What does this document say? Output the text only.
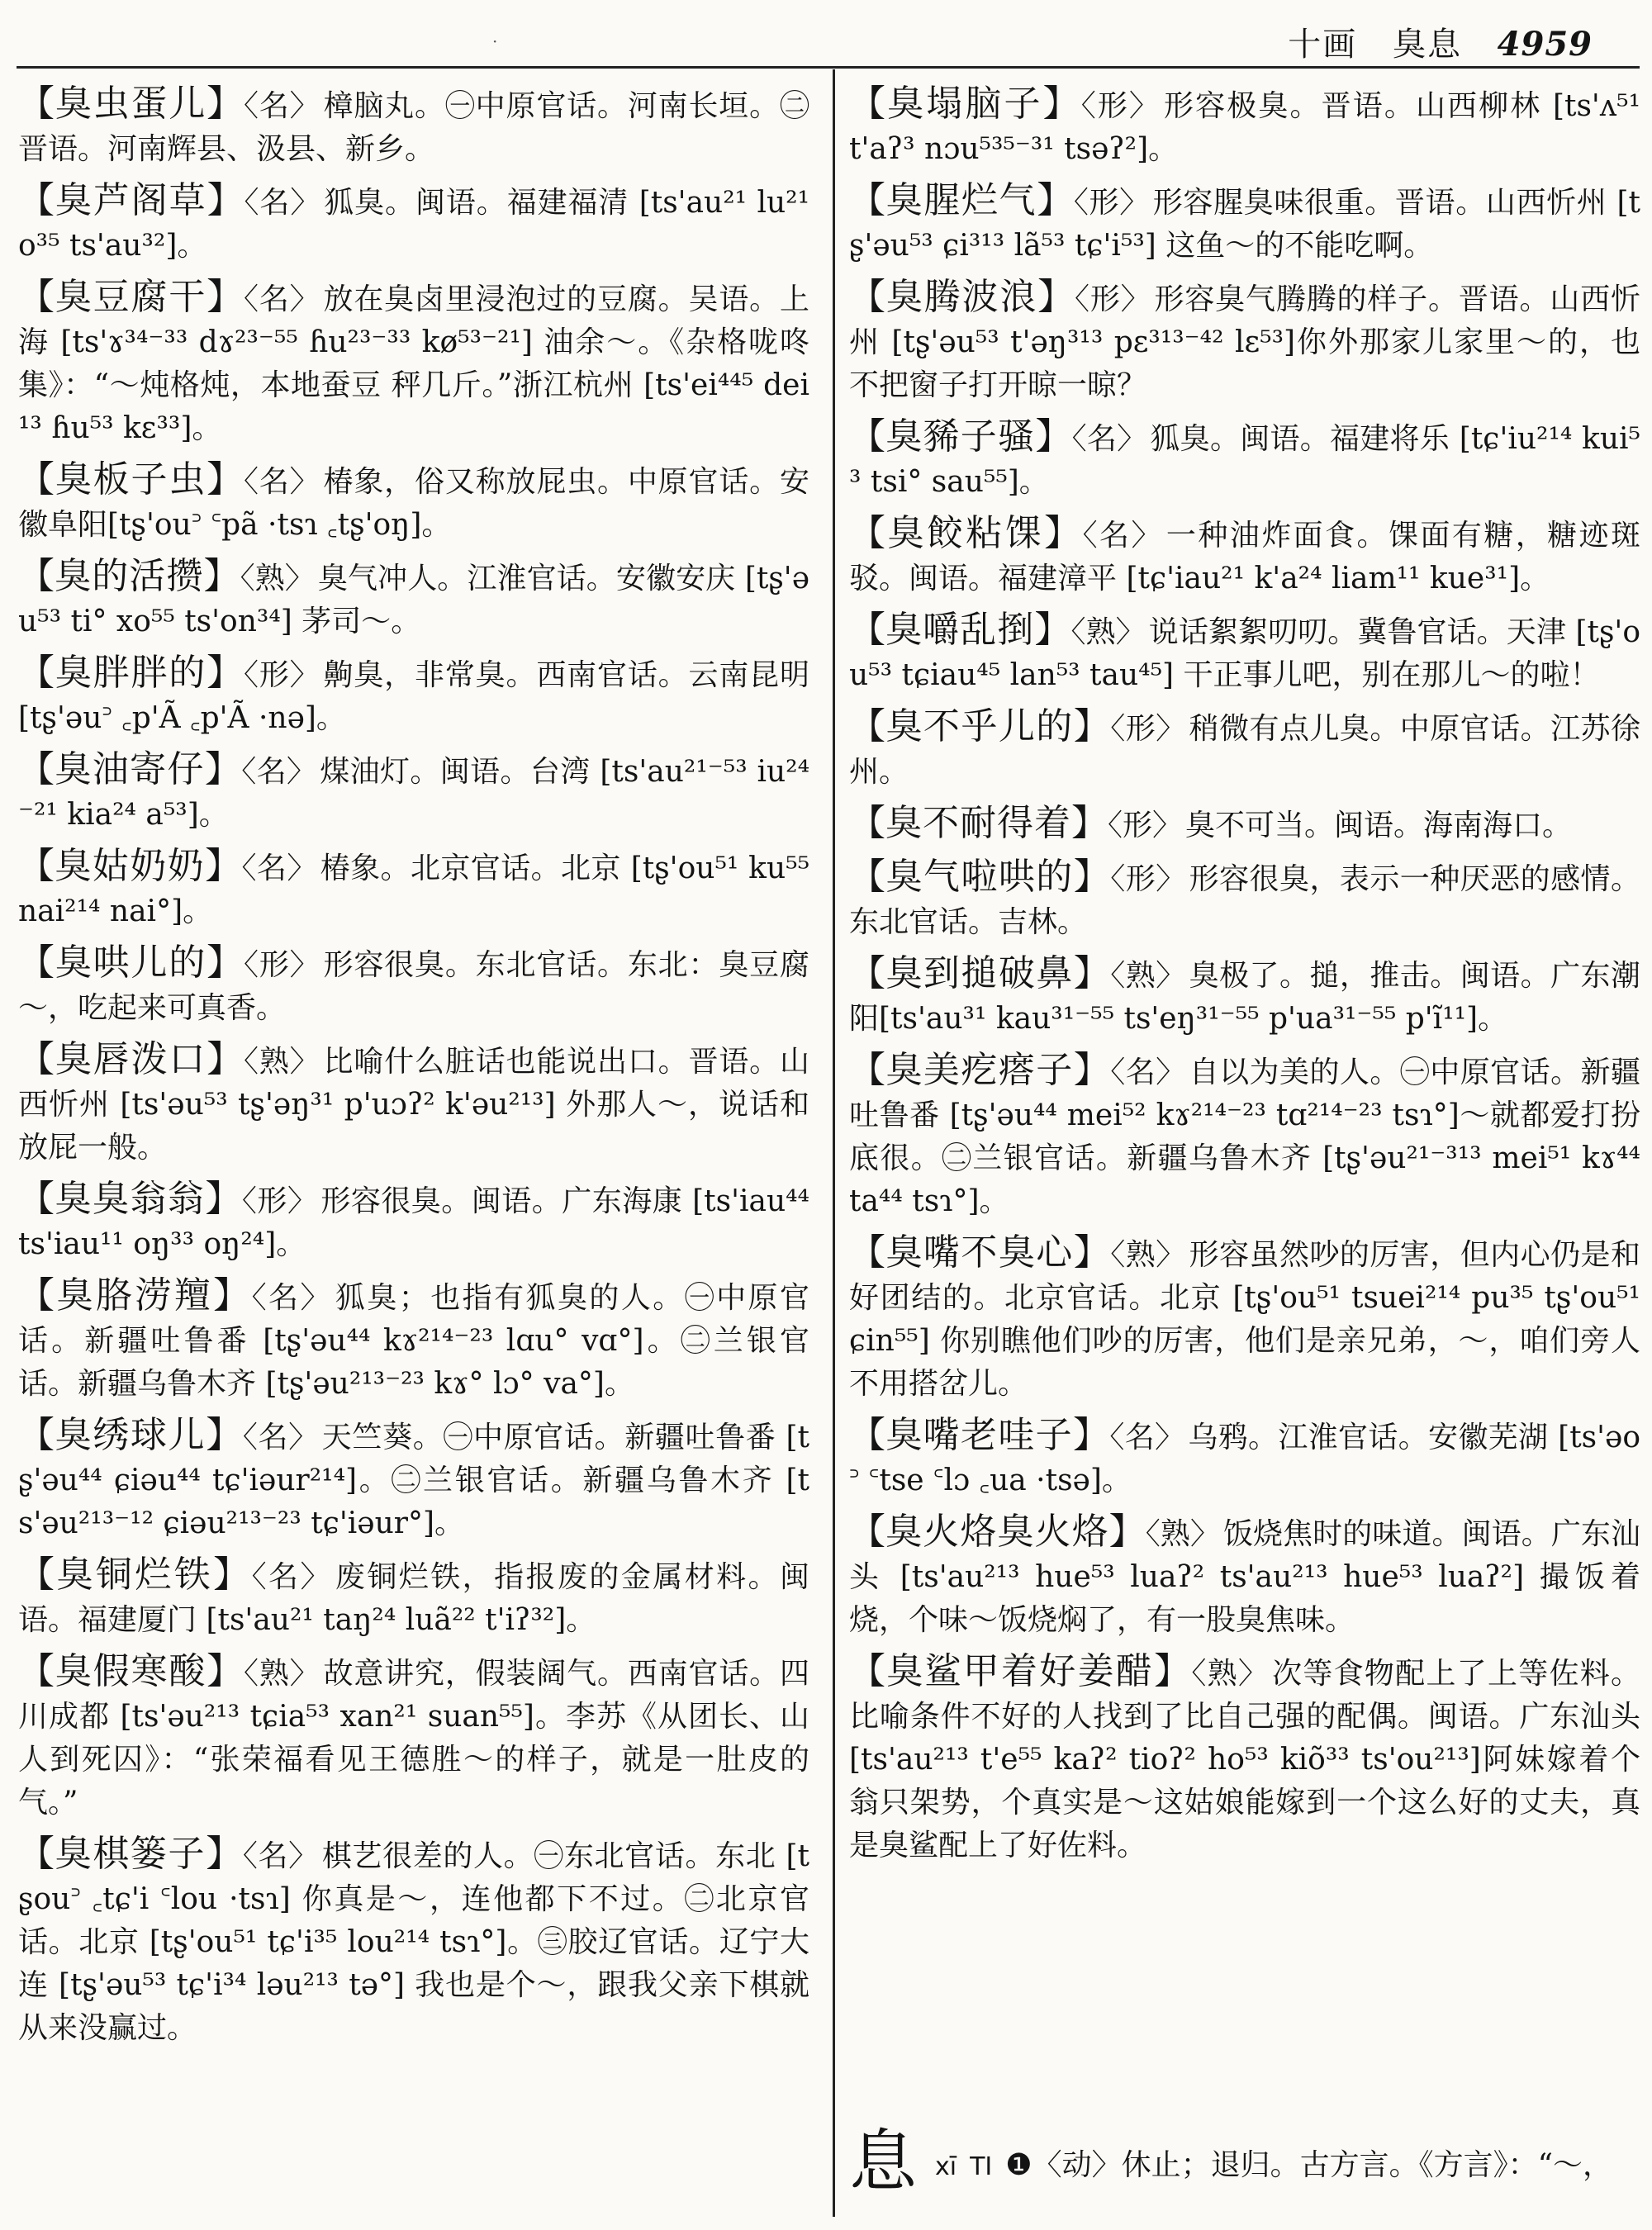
·	十画 臭息 4959

【臭虫蛋儿】〈名〉 樟脑丸。㊀中原官话。河南长垣。㊁晋语。河南辉县、汲县、新乡。

【臭芦阁草】〈名〉 狐臭。闽语。福建福清 [ts'au²¹ lu²¹ o³⁵ ts'au³²]。

【臭豆腐干】〈名〉 放在臭卤里浸泡过的豆腐。吴语。上海 [ts'ɤ³⁴⁻³³ dɤ²³⁻⁵⁵ ɦu²³⁻³³ kø⁵³⁻²¹] 油余～。《杂格咙咚集》：“～炖格炖，本地蚕豆 秤几斤。”浙江杭州 [ts'ei⁴⁴⁵ dei¹³ ɦu⁵³ kɛ³³]。

【臭板子虫】〈名〉 椿象，俗又称放屁虫。中原官话。安徽阜阳[tʂ'ou꜄ ꜂pã ·tsɿ ꜀tʂ'oŋ]。

【臭的活攒】〈熟〉 臭气冲人。江淮官话。安徽安庆 [tʂ'əu⁵³ ti° xo⁵⁵ ts'on³⁴] 茅司～。

【臭胖胖的】〈形〉 齁臭，非常臭。西南官话。云南昆明 [tʂ'əu꜄ ꜀p'Ã ꜀p'Ã ·nə]。

【臭油寄仔】〈名〉 煤油灯。闽语。台湾 [ts'au²¹⁻⁵³ iu²⁴⁻²¹ kia²⁴ a⁵³]。

【臭姑奶奶】〈名〉 椿象。北京官话。北京 [tʂ'ou⁵¹ ku⁵⁵ nai²¹⁴ nai°]。

【臭哄儿的】〈形〉 形容很臭。东北官话。东北：臭豆腐～，吃起来可真香。

【臭唇泼口】〈熟〉 比喻什么脏话也能说出口。晋语。山西忻州 [ts'əu⁵³ tʂ'əŋ³¹ p'uɔʔ² k'əu²¹³] 外那人～，说话和放屁一般。

【臭臭翁翁】〈形〉 形容很臭。闽语。广东海康 [ts'iau⁴⁴ ts'iau¹¹ oŋ³³ oŋ²⁴]。

【臭胳涝羶】〈名〉 狐臭；也指有狐臭的人。㊀中原官话。新疆吐鲁番 [tʂ'əu⁴⁴ kɤ²¹⁴⁻²³ lɑu° vɑ°]。㊁兰银官话。新疆乌鲁木齐 [tʂ'əu²¹³⁻²³ kɤ° lɔ° va°]。

【臭绣球儿】〈名〉 天竺葵。㊀中原官话。新疆吐鲁番 [tʂ'əu⁴⁴ ɕiəu⁴⁴ tɕ'iəur²¹⁴]。㊁兰银官话。新疆乌鲁木齐 [ts'əu²¹³⁻¹² ɕiəu²¹³⁻²³ tɕ'iəur°]。

【臭铜烂铁】〈名〉 废铜烂铁，指报废的金属材料。闽语。福建厦门 [ts'au²¹ taŋ²⁴ luã²² t'iʔ³²]。

【臭假寒酸】〈熟〉 故意讲究，假装阔气。西南官话。四川成都 [ts'əu²¹³ tɕia⁵³ xan²¹ suan⁵⁵]。李苏《从团长、山人到死囚》：“张荣福看见王德胜～的样子，就是一肚皮的气。”

【臭棋篓子】〈名〉 棋艺很差的人。㊀东北官话。东北 [tʂou꜄ ꜀tɕ'i ꜂lou ·tsɿ] 你真是～，连他都下不过。㊁北京官话。北京 [tʂ'ou⁵¹ tɕ'i³⁵ lou²¹⁴ tsɿ°]。㊂胶辽官话。辽宁大连 [tʂ'əu⁵³ tɕ'i³⁴ ləu²¹³ tə°] 我也是个～，跟我父亲下棋就从来没赢过。

【臭塌脑子】〈形〉 形容极臭。晋语。山西柳林 [ts'ʌ⁵¹ t'aʔ³ nɔu⁵³⁵⁻³¹ tsəʔ²]。

【臭腥烂气】〈形〉 形容腥臭味很重。晋语。山西忻州 [tʂ'əu⁵³ ɕi³¹³ lã⁵³ tɕ'i⁵³] 这鱼～的不能吃啊。

【臭腾波浪】〈形〉 形容臭气腾腾的样子。晋语。山西忻州 [tʂ'əu⁵³ t'əŋ³¹³ pɛ³¹³⁻⁴² lɛ⁵³]你外那家儿家里～的，也不把窗子打开晾一晾？

【臭豨子骚】〈名〉 狐臭。闽语。福建将乐 [tɕ'iu²¹⁴ kui⁵³ tsi° sau⁵⁵]。

【臭餃粘馃】〈名〉 一种油炸面食。馃面有糖，糖迹斑驳。闽语。福建漳平 [tɕ'iau²¹ k'a²⁴ liam¹¹ kue³¹]。

【臭嚼乱捯】〈熟〉 说话絮絮叨叨。冀鲁官话。天津 [tʂ'ou⁵³ tɕiau⁴⁵ lan⁵³ tau⁴⁵] 干正事儿吧，别在那儿～的啦！

【臭不乎儿的】〈形〉 稍微有点儿臭。中原官话。江苏徐州。

【臭不耐得着】〈形〉 臭不可当。闽语。海南海口。

【臭气啦哄的】〈形〉 形容很臭，表示一种厌恶的感情。东北官话。吉林。

【臭到搥破鼻】〈熟〉 臭极了。搥，推击。闽语。广东潮阳[ts'au³¹ kau³¹⁻⁵⁵ ts'eŋ³¹⁻⁵⁵ p'ua³¹⁻⁵⁵ p'ĩ¹¹]。

【臭美疙瘩子】〈名〉 自以为美的人。㊀中原官话。新疆吐鲁番 [tʂ'əu⁴⁴ mei⁵² kɤ²¹⁴⁻²³ tɑ²¹⁴⁻²³ tsɿ°]～就都爱打扮底很。㊁兰银官话。新疆乌鲁木齐 [tʂ'əu²¹⁻³¹³ mei⁵¹ kɤ⁴⁴ ta⁴⁴ tsɿ°]。

【臭嘴不臭心】〈熟〉 形容虽然吵的厉害，但内心仍是和好团结的。北京官话。北京 [tʂ'ou⁵¹ tsuei²¹⁴ pu³⁵ tʂ'ou⁵¹ ɕin⁵⁵] 你别瞧他们吵的厉害，他们是亲兄弟，～，咱们旁人不用搭岔儿。

【臭嘴老哇子】〈名〉 乌鸦。江淮官话。安徽芜湖 [ts'əo꜄ ꜂tse ꜂lɔ ꜀ua ·tsə]。

【臭火烙臭火烙】〈熟〉 饭烧焦时的味道。闽语。广东汕头 [ts'au²¹³ hue⁵³ luaʔ² ts'au²¹³ hue⁵³ luaʔ²] 撮饭着烧，个味～饭烧焖了，有一股臭焦味。

【臭鲨甲着好姜醋】〈熟〉 次等食物配上了上等佐料。比喻条件不好的人找到了比自己强的配偶。闽语。广东汕头 [ts'au²¹³ t'e⁵⁵ kaʔ² tioʔ² ho⁵³ kiõ³³ ts'ou²¹³]阿妹嫁着个翁只架势，个真实是～这姑娘能嫁到一个这么好的丈夫，真是臭鲨配上了好佐料。

息xī TI ❶〈动〉休止；退归。古方言。《方言》：“～，
